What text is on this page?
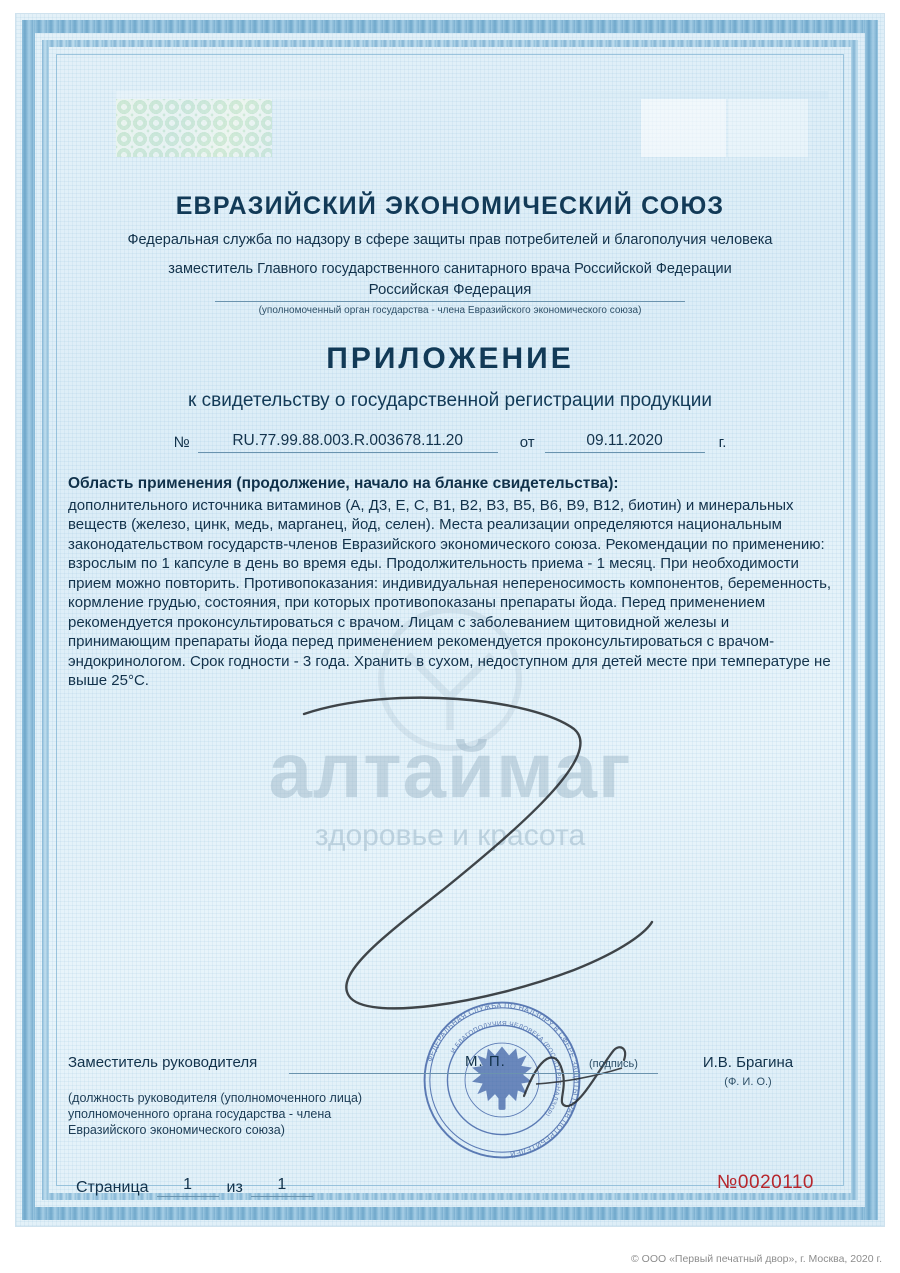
алтаймаг
здоровье и красота
ЕВРАЗИЙСКИЙ ЭКОНОМИЧЕСКИЙ СОЮЗ
Федеральная служба по надзору в сфере защиты прав потребителей и благополучия человека
заместитель Главного государственного санитарного врача Российской Федерации
Российская Федерация
(уполномоченный орган государства - члена Евразийского экономического союза)
ПРИЛОЖЕНИЕ
к свидетельству о государственной регистрации продукции
№	RU.77.99.88.003.R.003678.11.20	от	09.11.2020	г.
Область применения (продолжение, начало на бланке свидетельства):
дополнительного источника витаминов (А, Д3, Е, С, В1, В2, В3, В5, В6, В9, В12, биотин) и минеральных веществ (железо, цинк, медь, марганец, йод, селен). Места реализации определяются национальным законодательством государств-членов Евразийского экономического союза. Рекомендации по применению: взрослым по 1 капсуле в день во время еды. Продолжительность приема - 1 месяц. При необходимости прием можно повторить. Противопоказания: индивидуальная непереносимость компонентов, беременность, кормление грудью, состояния, при которых противопоказаны препараты йода. Перед применением рекомендуется проконсультироваться с врачом. Лицам с заболеванием щитовидной железы и принимающим препараты йода перед применением рекомендуется проконсультироваться с врачом-эндокринологом. Срок годности - 3 года. Хранить в сухом, недоступном для детей месте при температуре не выше 25°C.
ФЕДЕРАЛЬНАЯ СЛУЖБА ПО НАДЗОРУ В СФЕРЕ ЗАЩИТЫ ПРАВ ПОТРЕБИТЕЛЕЙ
И БЛАГОПОЛУЧИЯ ЧЕЛОВЕКА (РОСПОТРЕБНАДЗОР)
Заместитель руководителя	М. П.	(подпись)	И.В. Брагина
(Ф. И. О.)
(должность руководителя (уполномоченного лица) уполномоченного органа государства - члена Евразийского экономического союза)
Страница	1	из	1	№0020110
© ООО «Первый печатный двор», г. Москва, 2020 г.
